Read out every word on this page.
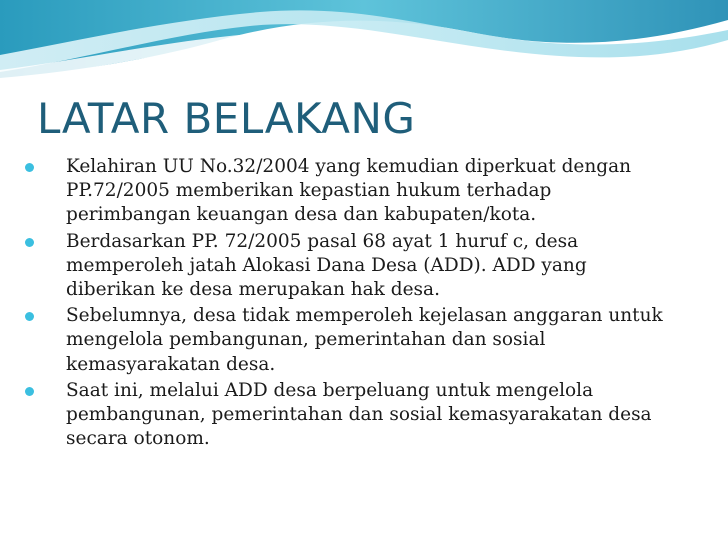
LATAR BELAKANG
Kelahiran UU No.32/2004 yang kemudian diperkuat dengan PP.72/2005 memberikan kepastian hukum terhadap perimbangan keuangan desa dan kabupaten/kota.
Berdasarkan PP. 72/2005 pasal 68 ayat 1 huruf c, desa memperoleh jatah Alokasi Dana Desa (ADD). ADD yang diberikan ke desa merupakan hak desa.
Sebelumnya, desa tidak memperoleh kejelasan anggaran untuk mengelola pembangunan, pemerintahan dan sosial kemasyarakatan desa.
Saat ini, melalui ADD desa berpeluang untuk mengelola pembangunan, pemerintahan dan sosial kemasyarakatan desa secara otonom.
